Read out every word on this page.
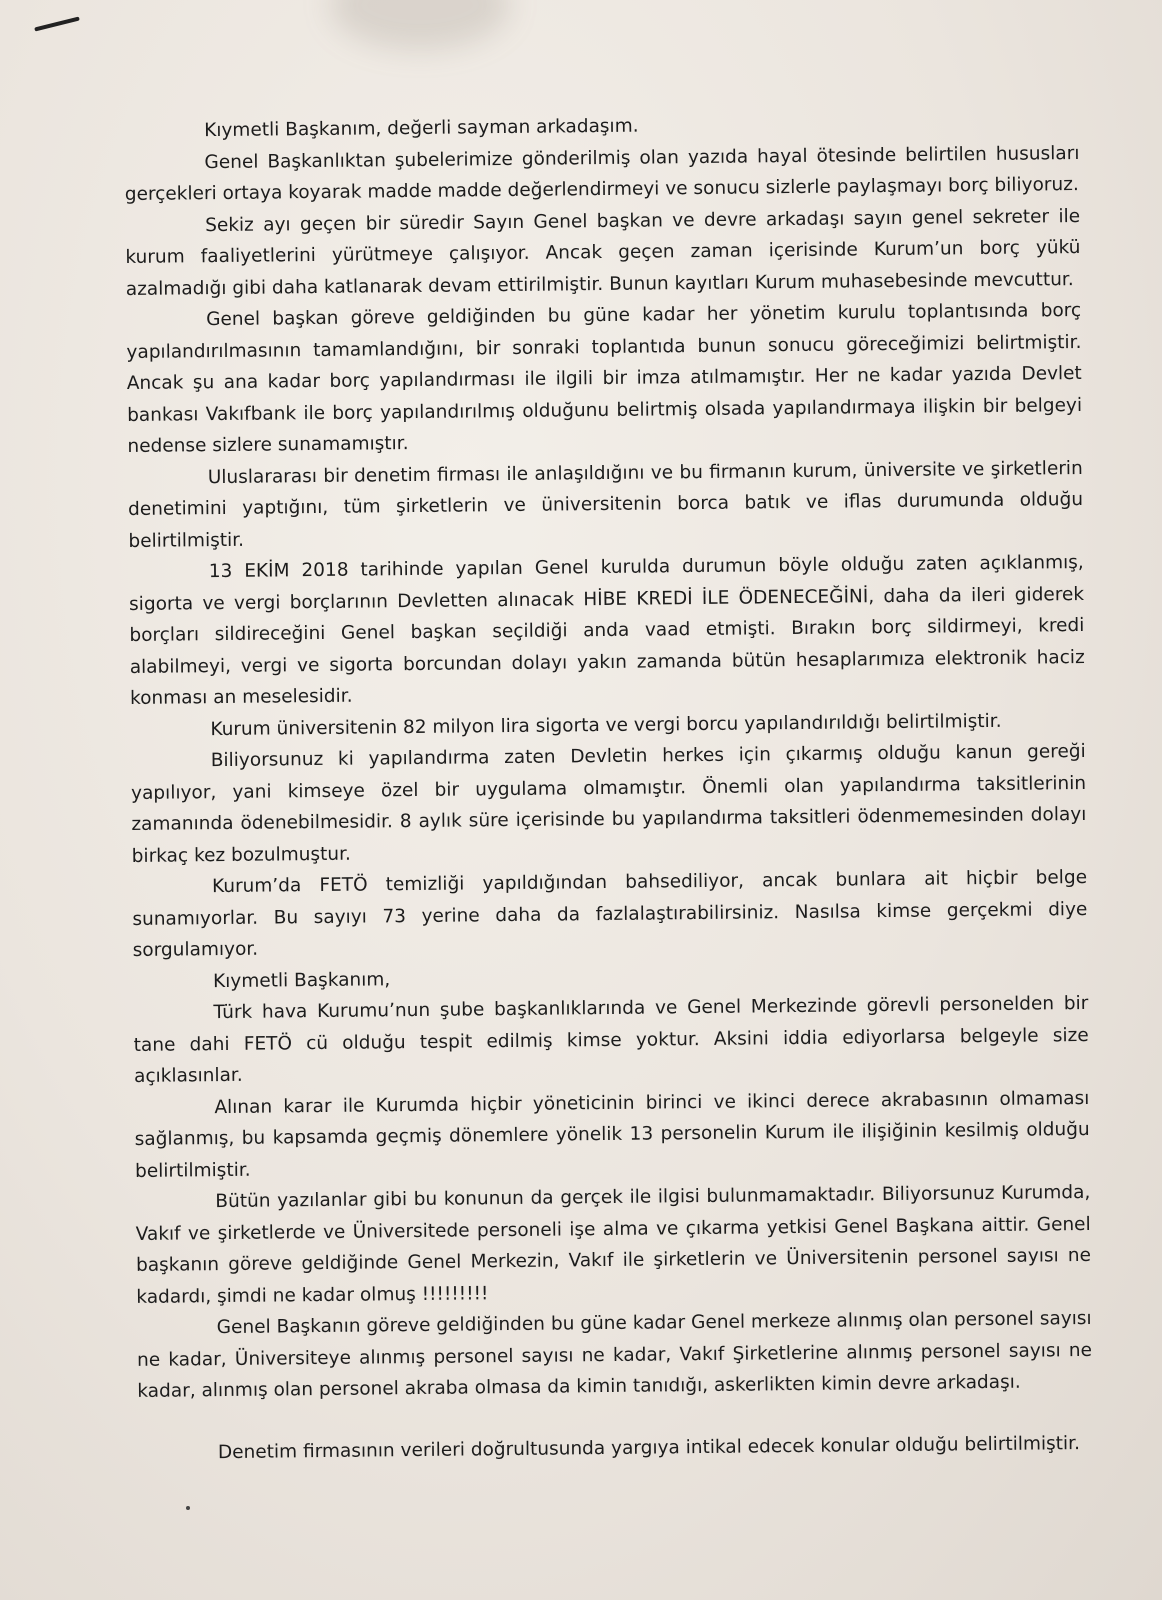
Kıymetli Başkanım, değerli sayman arkadaşım.

Genel Başkanlıktan şubelerimize gönderilmiş olan yazıda hayal ötesinde belirtilen hususları gerçekleri ortaya koyarak madde madde değerlendirmeyi ve sonucu sizlerle paylaşmayı borç biliyoruz.

Sekiz ayı geçen bir süredir Sayın Genel başkan ve devre arkadaşı sayın genel sekreter ile kurum faaliyetlerini yürütmeye çalışıyor. Ancak geçen zaman içerisinde Kurum’un borç yükü azalmadığı gibi daha katlanarak devam ettirilmiştir. Bunun kayıtları Kurum muhasebesinde mevcuttur.

Genel başkan göreve geldiğinden bu güne kadar her yönetim kurulu toplantısında borç yapılandırılmasının tamamlandığını, bir sonraki toplantıda bunun sonucu göreceğimizi belirtmiştir. Ancak şu ana kadar borç yapılandırması ile ilgili bir imza atılmamıştır. Her ne kadar yazıda Devlet bankası Vakıfbank ile borç yapılandırılmış olduğunu belirtmiş olsada yapılandırmaya ilişkin bir belgeyi nedense sizlere sunamamıştır.

Uluslararası bir denetim firması ile anlaşıldığını ve bu firmanın kurum, üniversite ve şirketlerin denetimini yaptığını, tüm şirketlerin ve üniversitenin borca batık ve iflas durumunda olduğu belirtilmiştir.

13 EKİM 2018 tarihinde yapılan Genel kurulda durumun böyle olduğu zaten açıklanmış, sigorta ve vergi borçlarının Devletten alınacak HİBE KREDİ İLE ÖDENECEĞİNİ, daha da ileri giderek borçları sildireceğini Genel başkan seçildiği anda vaad etmişti. Bırakın borç sildirmeyi, kredi alabilmeyi, vergi ve sigorta borcundan dolayı yakın zamanda bütün hesaplarımıza elektronik haciz konması an meselesidir.

Kurum üniversitenin 82 milyon lira sigorta ve vergi borcu yapılandırıldığı belirtilmiştir.

Biliyorsunuz ki yapılandırma zaten Devletin herkes için çıkarmış olduğu kanun gereği yapılıyor, yani kimseye özel bir uygulama olmamıştır. Önemli olan yapılandırma taksitlerinin zamanında ödenebilmesidir. 8 aylık süre içerisinde bu yapılandırma taksitleri ödenmemesinden dolayı birkaç kez bozulmuştur.

Kurum’da FETÖ temizliği yapıldığından bahsediliyor, ancak bunlara ait hiçbir belge sunamıyorlar. Bu sayıyı 73 yerine daha da fazlalaştırabilirsiniz. Nasılsa kimse gerçekmi diye sorgulamıyor.

Kıymetli Başkanım,

Türk hava Kurumu’nun şube başkanlıklarında ve Genel Merkezinde görevli personelden bir tane dahi FETÖ cü olduğu tespit edilmiş kimse yoktur. Aksini iddia ediyorlarsa belgeyle size açıklasınlar.

Alınan karar ile Kurumda hiçbir yöneticinin birinci ve ikinci derece akrabasının olmaması sağlanmış, bu kapsamda geçmiş dönemlere yönelik 13 personelin Kurum ile ilişiğinin kesilmiş olduğu belirtilmiştir.

Bütün yazılanlar gibi bu konunun da gerçek ile ilgisi bulunmamaktadır. Biliyorsunuz Kurumda, Vakıf ve şirketlerde ve Üniversitede personeli işe alma ve çıkarma yetkisi Genel Başkana aittir. Genel başkanın göreve geldiğinde Genel Merkezin, Vakıf ile şirketlerin ve Üniversitenin personel sayısı ne kadardı, şimdi ne kadar olmuş !!!!!!!!!

Genel Başkanın göreve geldiğinden bu güne kadar Genel merkeze alınmış olan personel sayısı ne kadar, Üniversiteye alınmış personel sayısı ne kadar, Vakıf Şirketlerine alınmış personel sayısı ne kadar, alınmış olan personel akraba olmasa da kimin tanıdığı, askerlikten kimin devre arkadaşı.

Denetim firmasının verileri doğrultusunda yargıya intikal edecek konular olduğu belirtilmiştir.
